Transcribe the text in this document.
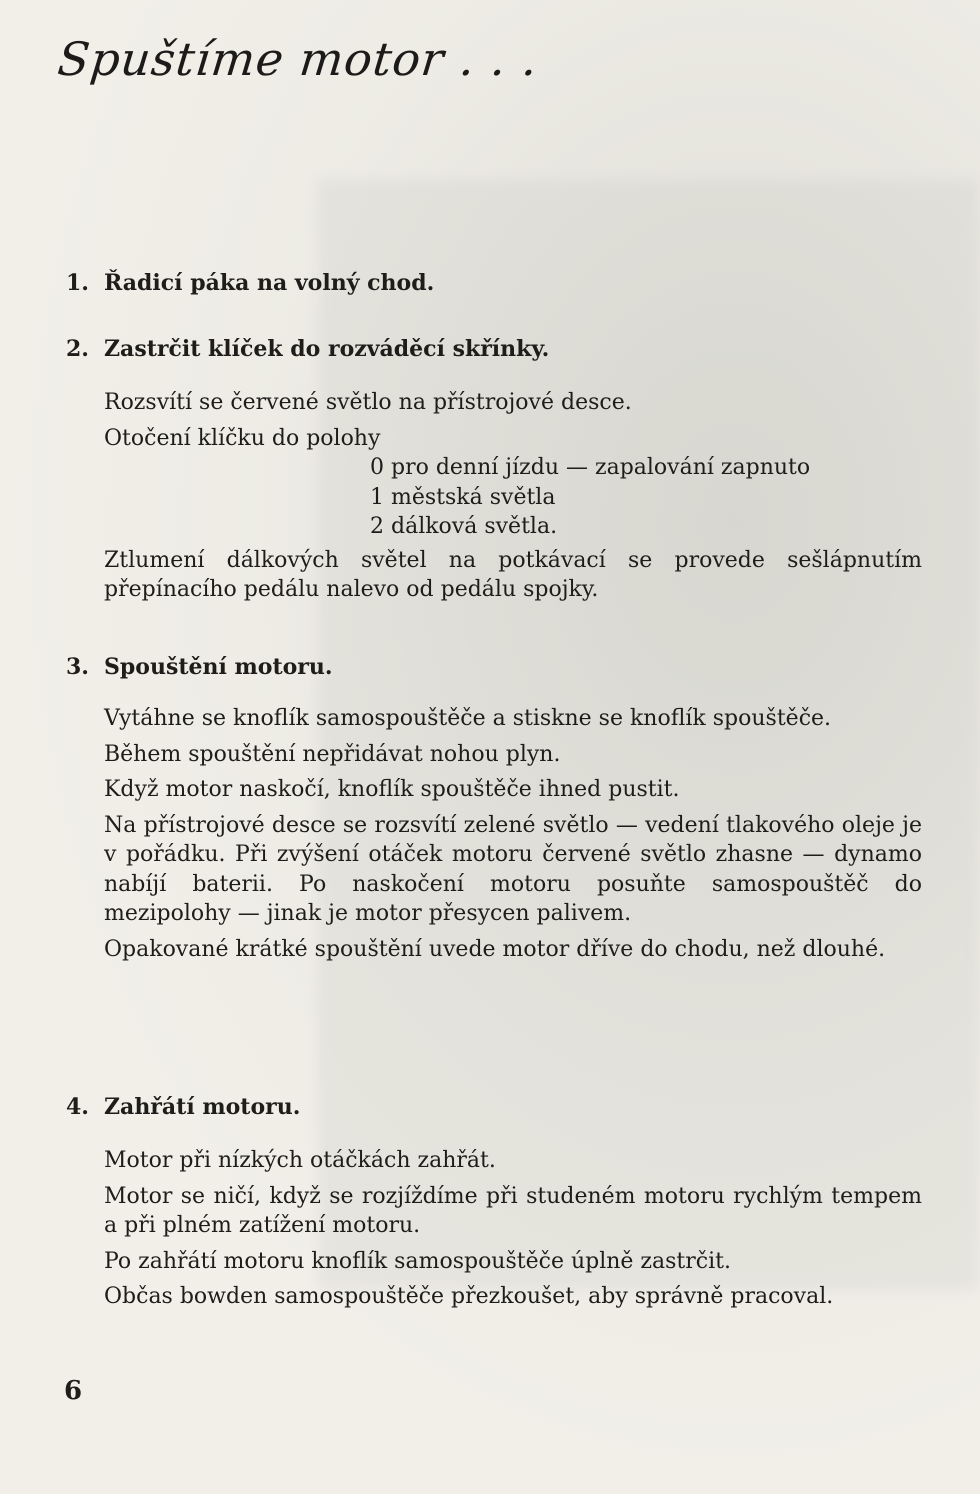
Spuštíme motor . . .

1. Řadicí páka na volný chod.

2. Zastrčit klíček do rozváděcí skřínky.

Rozsvítí se červené světlo na přístrojové desce.

Otočení klíčku do polohy

0 pro denní jízdu — zapalování zapnuto
1 městská světla
2 dálková světla.

Ztlumení dálkových světel na potkávací se provede sešlápnutím přepínacího pedálu nalevo od pedálu spojky.

3. Spouštění motoru.

Vytáhne se knoflík samospouštěče a stiskne se knoflík spouštěče.

Během spouštění nepřidávat nohou plyn.

Když motor naskočí, knoflík spouštěče ihned pustit.

Na přístrojové desce se rozsvítí zelené světlo — vedení tlakového oleje je v pořádku. Při zvýšení otáček motoru červené světlo zhasne — dynamo nabíjí baterii. Po naskočení motoru posuňte samospouštěč do mezipolohy — jinak je motor přesycen palivem.

Opakované krátké spouštění uvede motor dříve do chodu, než dlouhé.

4. Zahřátí motoru.

Motor při nízkých otáčkách zahřát.

Motor se ničí, když se rozjíždíme při studeném motoru rychlým tempem a při plném zatížení motoru.

Po zahřátí motoru knoflík samospouštěče úplně zastrčit.

Občas bowden samospouštěče přezkoušet, aby správně pracoval.

6
